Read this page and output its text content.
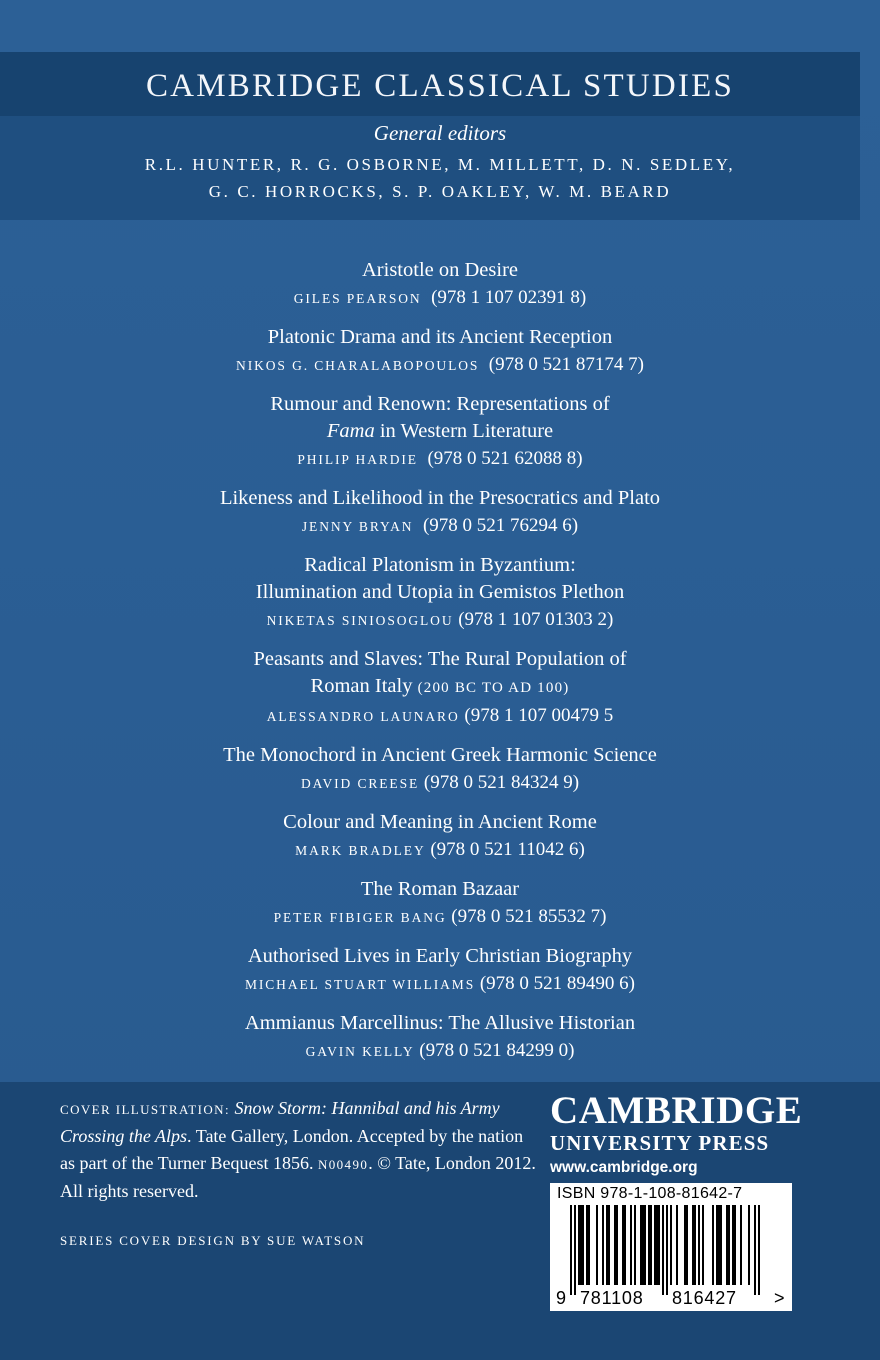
CAMBRIDGE CLASSICAL STUDIES
General editors
R.L. HUNTER, R. G. OSBORNE, M. MILLETT, D. N. SEDLEY,
G. C. HORROCKS, S. P. OAKLEY, W. M. BEARD
Aristotle on Desire
GILES PEARSON (978 1 107 02391 8)
Platonic Drama and its Ancient Reception
NIKOS G. CHARALABOPOULOS (978 0 521 87174 7)
Rumour and Renown: Representations of
Fama in Western Literature
PHILIP HARDIE (978 0 521 62088 8)
Likeness and Likelihood in the Presocratics and Plato
JENNY BRYAN (978 0 521 76294 6)
Radical Platonism in Byzantium:
Illumination and Utopia in Gemistos Plethon
NIKETAS SINIOSOGLOU (978 1 107 01303 2)
Peasants and Slaves: The Rural Population of
Roman Italy (200 BC TO AD 100)
ALESSANDRO LAUNARO (978 1 107 00479 5
The Monochord in Ancient Greek Harmonic Science
DAVID CREESE (978 0 521 84324 9)
Colour and Meaning in Ancient Rome
MARK BRADLEY (978 0 521 11042 6)
The Roman Bazaar
PETER FIBIGER BANG (978 0 521 85532 7)
Authorised Lives in Early Christian Biography
MICHAEL STUART WILLIAMS (978 0 521 89490 6)
Ammianus Marcellinus: The Allusive Historian
GAVIN KELLY (978 0 521 84299 0)
COVER ILLUSTRATION: Snow Storm: Hannibal and his Army Crossing the Alps. Tate Gallery, London. Accepted by the nation as part of the Turner Bequest 1856. N00490. © Tate, London 2012. All rights reserved.
SERIES COVER DESIGN BY SUE WATSON
CAMBRIDGE
UNIVERSITY PRESS
www.cambridge.org
ISBN 978-1-108-81642-7
9 781108 816427 >
